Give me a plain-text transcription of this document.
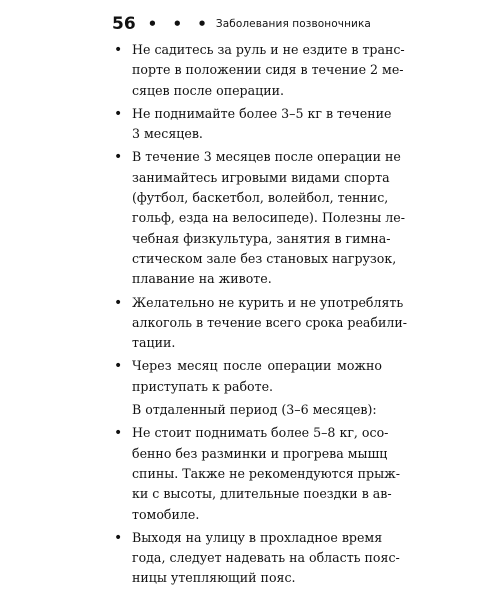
56 • • • Заболевания позвоночника
• Не садитесь за руль и не ездите в транс-
порте в положении сидя в течение 2 ме-
сяцев после операции.
• Не поднимайте более 3–5 кг в течение
3 месяцев.
• В течение 3 месяцев после операции не
занимайтесь игровыми видами спорта
(футбол, баскетбол, волейбол, теннис,
гольф, езда на велосипеде). Полезны ле-
чебная физкультура, занятия в гимна-
стическом зале без становых нагрузок,
плавание на животе.
• Желательно не курить и не употреблять
алкоголь в течение всего срока реабили-
тации.
• Через месяц после операции можно
приступать к работе.
В отдаленный период (3–6 месяцев):
• Не стоит поднимать более 5–8 кг, осо-
бенно без разминки и прогрева мышц
спины. Также не рекомендуются прыж-
ки с высоты, длительные поездки в ав-
томобиле.
• Выходя на улицу в прохладное время
года, следует надевать на область пояс-
ницы утепляющий пояс.
